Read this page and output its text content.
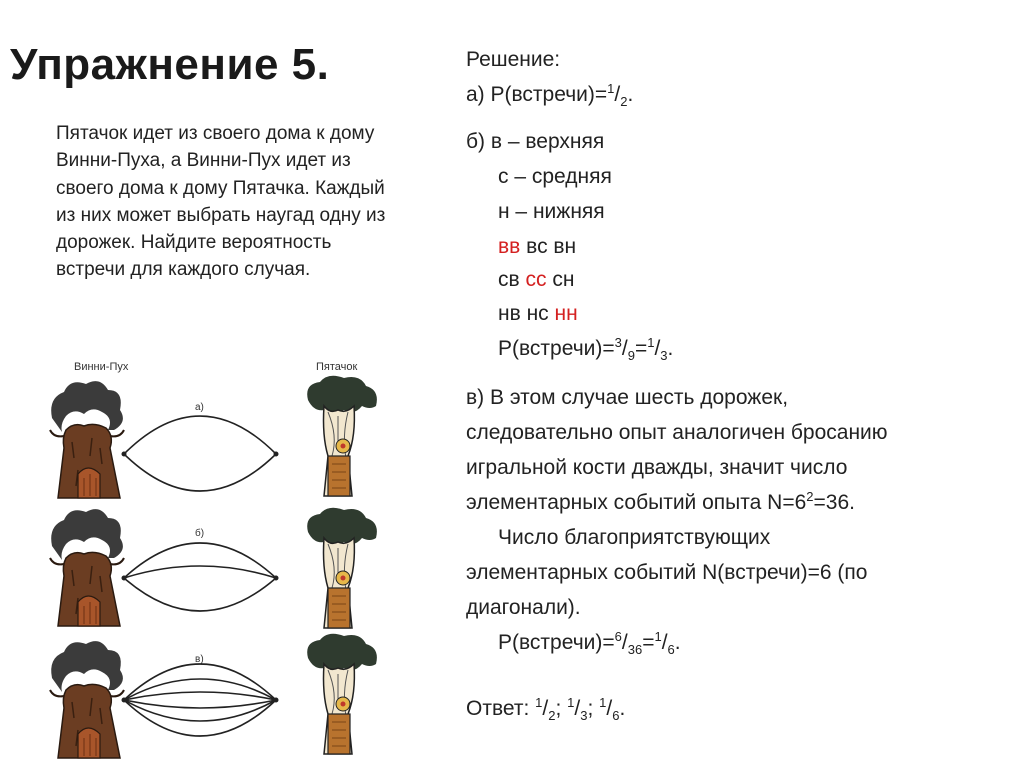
Упражнение 5.

Пятачок идет из своего дома к дому Винни-Пуха, а Винни-Пух идет из своего дома к дому Пятачка. Каждый из них может выбрать наугад одну из дорожек. Найдите вероятность встречи для каждого случая.

Винни-Пух	Пятачок
а)
б)
в)
Решение:
а) $P(встречи)=^1/_2$.
б) в – верхняя
с – средняя
н – нижняя
вв вс вн
св сс сн
нв нс нн
$P(встречи)=^3/_9=^1/_3$.
в) В этом случае шесть дорожек,
следовательно опыт аналогичен бросанию
игральной кости дважды, значит число
элементарных событий опыта $N=6^2=36$.
Число благоприятствующих
элементарных событий N(встречи)=6 (по
диагонали).
$P(встречи)=^6/_{36}=^1/_6$.
Ответ: $^1/_2$; $^1/_3$; $^1/_6$.
